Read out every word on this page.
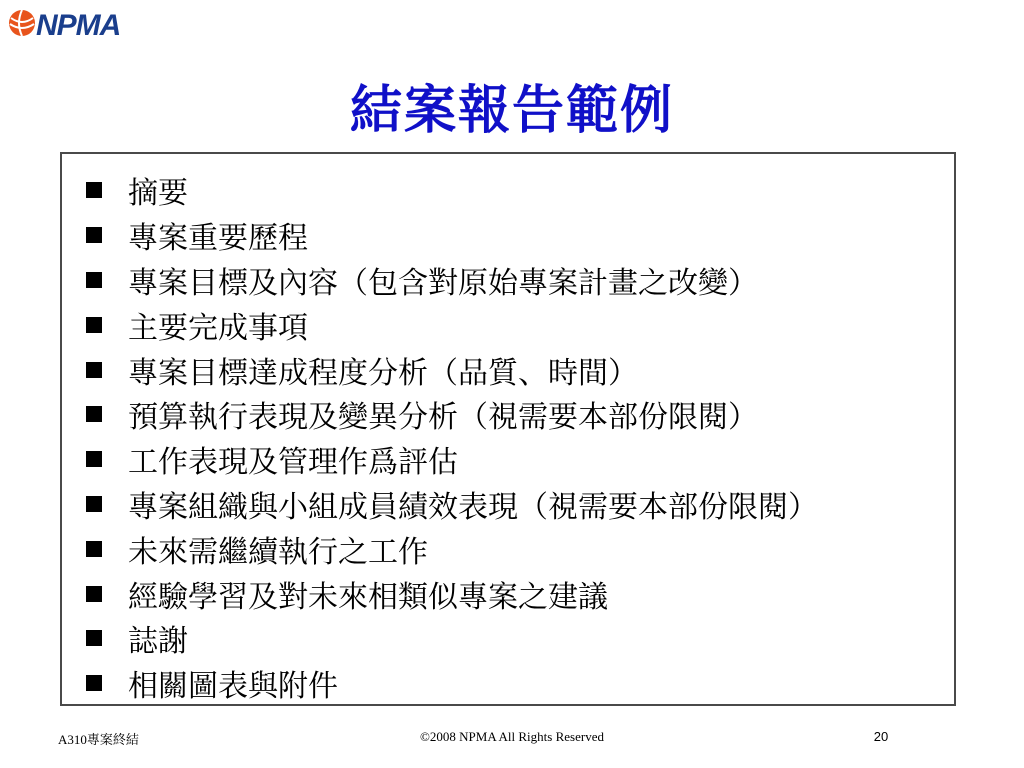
NPMA
結案報告範例
摘要
專案重要歷程
專案目標及內容（包含對原始專案計畫之改變）
主要完成事項
專案目標達成程度分析（品質、時間）
預算執行表現及變異分析（視需要本部份限閱）
工作表現及管理作爲評估
專案組織與小組成員績效表現（視需要本部份限閱）
未來需繼續執行之工作
經驗學習及對未來相類似專案之建議
誌謝
相關圖表與附件
A310專案終結	©2008 NPMA All Rights Reserved	20
